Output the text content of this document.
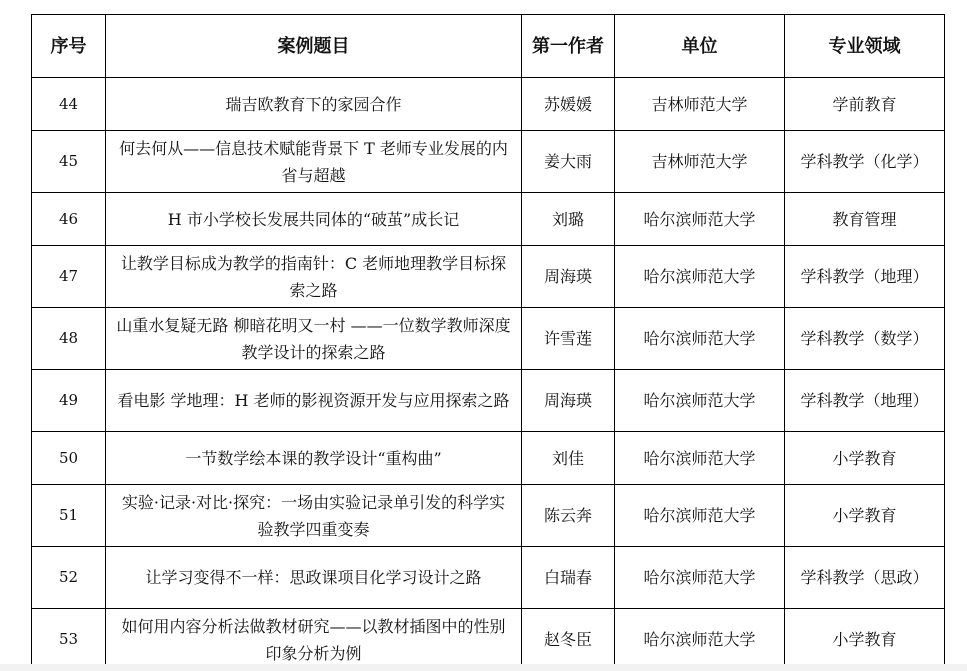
序号	案例题目	第一作者	单位	专业领域
44	瑞吉欧教育下的家园合作	苏媛媛	吉林师范大学	学前教育
45	何去何从——信息技术赋能背景下 T 老师专业发展的内省与超越	姜大雨	吉林师范大学	学科教学（化学）
46	H 市小学校长发展共同体的“破茧”成长记	刘璐	哈尔滨师范大学	教育管理
47	让教学目标成为教学的指南针：C 老师地理教学目标探索之路	周海瑛	哈尔滨师范大学	学科教学（地理）
48	山重水复疑无路 柳暗花明又一村 ——一位数学教师深度教学设计的探索之路	许雪莲	哈尔滨师范大学	学科教学（数学）
49	看电影 学地理：H 老师的影视资源开发与应用探索之路	周海瑛	哈尔滨师范大学	学科教学（地理）
50	一节数学绘本课的教学设计“重构曲”	刘佳	哈尔滨师范大学	小学教育
51	实验·记录·对比·探究：一场由实验记录单引发的科学实验教学四重变奏	陈云奔	哈尔滨师范大学	小学教育
52	让学习变得不一样：思政课项目化学习设计之路	白瑞春	哈尔滨师范大学	学科教学（思政）
53	如何用内容分析法做教材研究——以教材插图中的性别印象分析为例	赵冬臣	哈尔滨师范大学	小学教育
